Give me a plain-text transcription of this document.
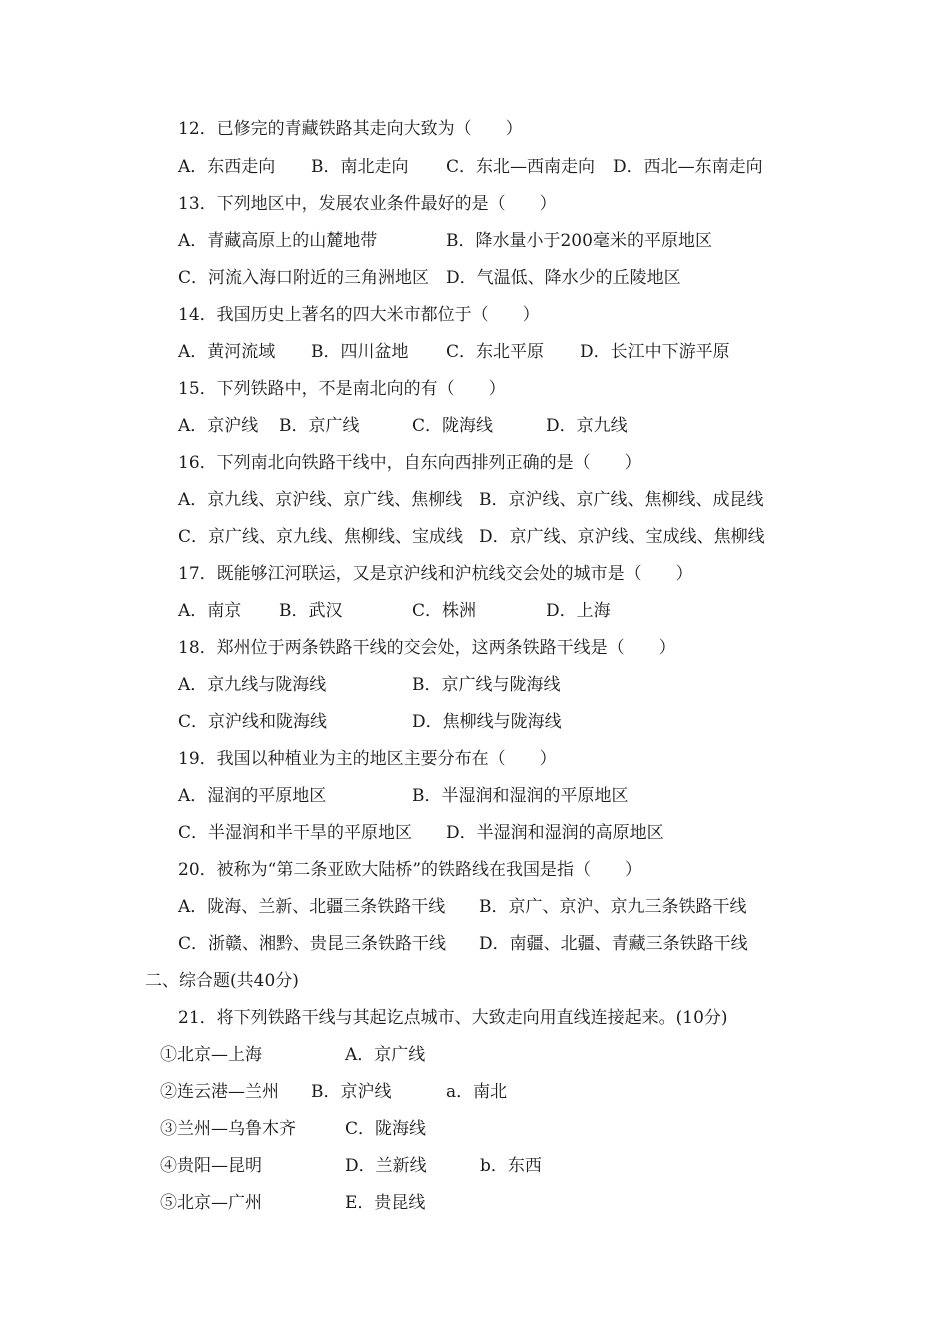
12．已修完的青藏铁路其走向大致为（　　）
A．东西走向 B．南北走向 C．东北—西南走向 D．西北—东南走向
13．下列地区中，发展农业条件最好的是（　　）
A．青藏高原上的山麓地带	B．降水量小于200毫米的平原地区
C．河流入海口附近的三角洲地区 D．气温低、降水少的丘陵地区
14．我国历史上著名的四大米市都位于（　　）
A．黄河流域 B．四川盆地 C．东北平原 D．长江中下游平原
15．下列铁路中，不是南北向的有（　　）
A．京沪线 B．京广线	C．陇海线	D．京九线
16．下列南北向铁路干线中，自东向西排列正确的是（　　）
A．京九线、京沪线、京广线、焦柳线 B．京沪线、京广线、焦柳线、成昆线
C．京广线、京九线、焦柳线、宝成线 D．京广线、京沪线、宝成线、焦柳线
17．既能够江河联运，又是京沪线和沪杭线交会处的城市是（　　）
A．南京 B．武汉	C．株洲	D．上海
18．郑州位于两条铁路干线的交会处，这两条铁路干线是（　　）
A．京九线与陇海线	B．京广线与陇海线
C．京沪线和陇海线	D．焦柳线与陇海线
19．我国以种植业为主的地区主要分布在（　　）
A．湿润的平原地区	B．半湿润和湿润的平原地区
C．半湿润和半干旱的平原地区 D．半湿润和湿润的高原地区
20．被称为“第二条亚欧大陆桥”的铁路线在我国是指（　　）
A．陇海、兰新、北疆三条铁路干线 B．京广、京沪、京九三条铁路干线
C．浙赣、湘黔、贵昆三条铁路干线 D．南疆、北疆、青藏三条铁路干线
二、综合题(共40分)
21．将下列铁路干线与其起讫点城市、大致走向用直线连接起来。(10分)
①北京—上海	A．京广线
②连云港—兰州 B．京沪线	a．南北
③兰州—乌鲁木齐	C．陇海线
④贵阳—昆明	D．兰新线	b．东西
⑤北京—广州	E．贵昆线
